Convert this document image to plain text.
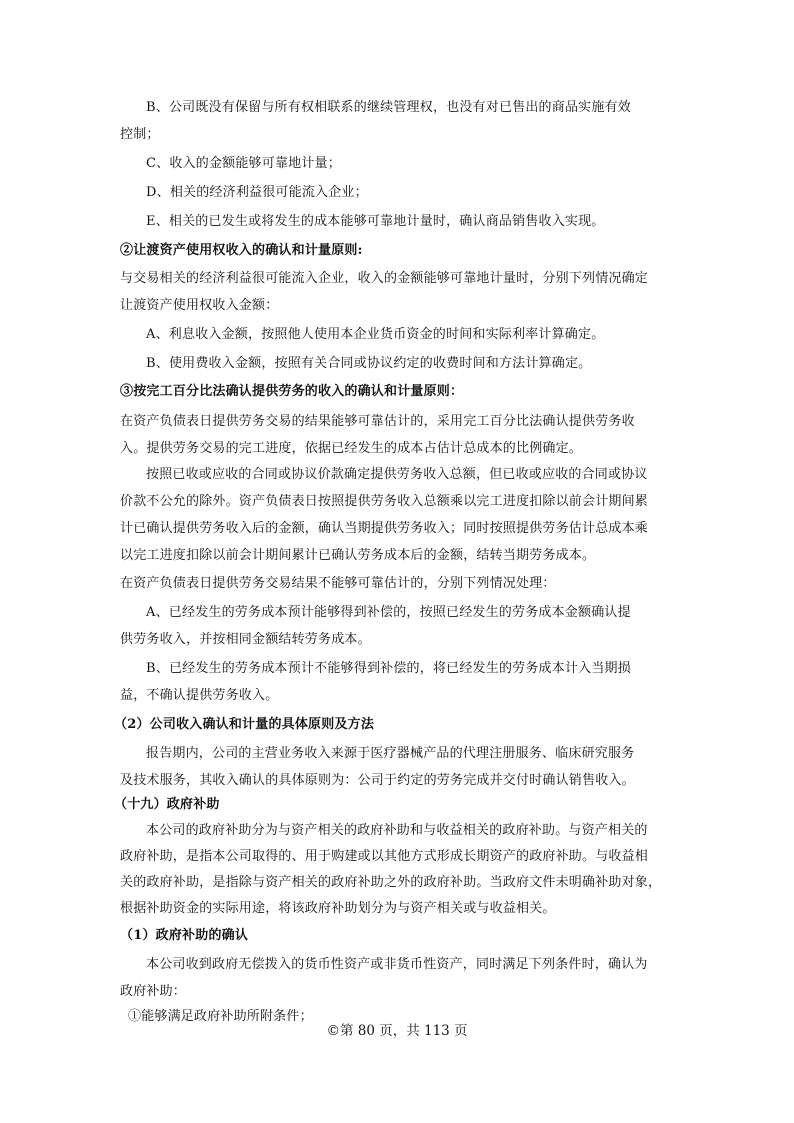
B、公司既没有保留与所有权相联系的继续管理权，也没有对已售出的商品实施有效
控制；
C、收入的金额能够可靠地计量；
D、相关的经济利益很可能流入企业；
E、相关的已发生或将发生的成本能够可靠地计量时，确认商品销售收入实现。
②让渡资产使用权收入的确认和计量原则:
与交易相关的经济利益很可能流入企业，收入的金额能够可靠地计量时，分别下列情况确定
让渡资产使用权收入金额：
A、利息收入金额，按照他人使用本企业货币资金的时间和实际利率计算确定。
B、使用费收入金额，按照有关合同或协议约定的收费时间和方法计算确定。
③按完工百分比法确认提供劳务的收入的确认和计量原则：
在资产负债表日提供劳务交易的结果能够可靠估计的，采用完工百分比法确认提供劳务收
入。提供劳务交易的完工进度，依据已经发生的成本占估计总成本的比例确定。
按照已收或应收的合同或协议价款确定提供劳务收入总额，但已收或应收的合同或协议
价款不公允的除外。资产负债表日按照提供劳务收入总额乘以完工进度扣除以前会计期间累
计已确认提供劳务收入后的金额，确认当期提供劳务收入；同时按照提供劳务估计总成本乘
以完工进度扣除以前会计期间累计已确认劳务成本后的金额，结转当期劳务成本。
在资产负债表日提供劳务交易结果不能够可靠估计的，分别下列情况处理：
A、已经发生的劳务成本预计能够得到补偿的，按照已经发生的劳务成本金额确认提
供劳务收入，并按相同金额结转劳务成本。
B、已经发生的劳务成本预计不能够得到补偿的，将已经发生的劳务成本计入当期损
益，不确认提供劳务收入。
（2）公司收入确认和计量的具体原则及方法
报告期内，公司的主营业务收入来源于医疗器械产品的代理注册服务、临床研究服务
及技术服务，其收入确认的具体原则为：公司于约定的劳务完成并交付时确认销售收入。
（十九）政府补助
本公司的政府补助分为与资产相关的政府补助和与收益相关的政府补助。与资产相关的
政府补助，是指本公司取得的、用于购建或以其他方式形成长期资产的政府补助。与收益相
关的政府补助，是指除与资产相关的政府补助之外的政府补助。当政府文件未明确补助对象，
根据补助资金的实际用途，将该政府补助划分为与资产相关或与收益相关。
（1）政府补助的确认
本公司收到政府无偿拨入的货币性资产或非货币性资产，同时满足下列条件时，确认为
政府补助：
①能够满足政府补助所附条件；
©第 80 页，共 113 页
